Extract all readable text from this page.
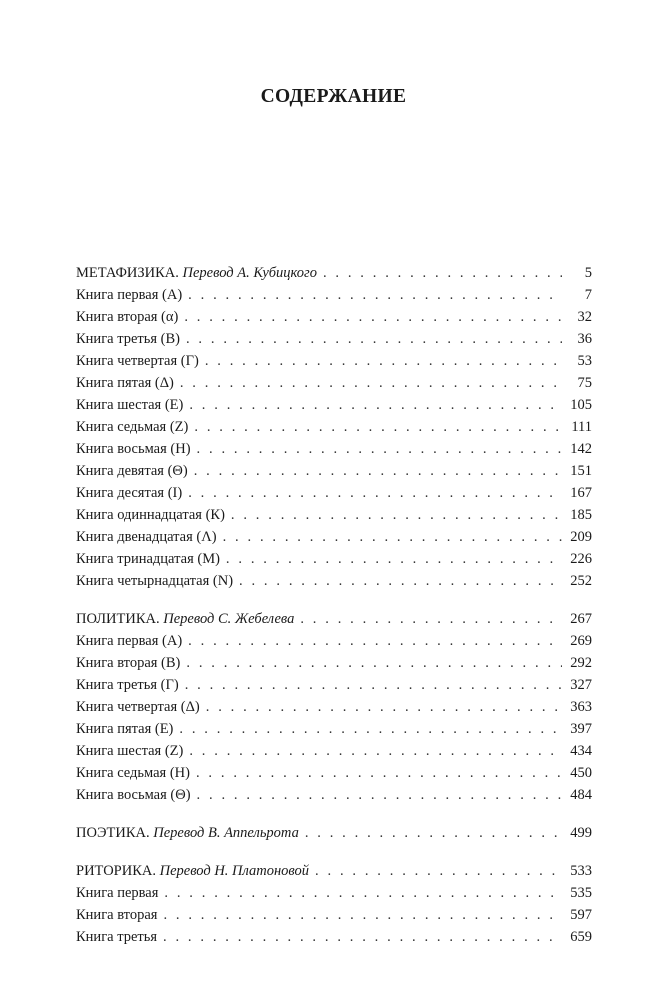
СОДЕРЖАНИЕ
МЕТАФИЗИКА. Перевод А. Кубицкого . . .	5
Книга первая (А) . . .	7
Книга вторая (α) . . .	32
Книга третья (В) . . .	36
Книга четвертая (Г) . . .	53
Книга пятая (Δ) . . .	75
Книга шестая (Е) . . .	105
Книга седьмая (Z) . . .	111
Книга восьмая (Н) . . .	142
Книга девятая (Θ) . . .	151
Книга десятая (I) . . .	167
Книга одиннадцатая (К) . . .	185
Книга двенадцатая (Λ) . . .	209
Книга тринадцатая (М) . . .	226
Книга четырнадцатая (N) . . .	252
ПОЛИТИКА. Перевод С. Жебелева . . .	267
Книга первая (А) . . .	269
Книга вторая (В) . . .	292
Книга третья (Г) . . .	327
Книга четвертая (Δ) . . .	363
Книга пятая (Е) . . .	397
Книга шестая (Z) . . .	434
Книга седьмая (Н) . . .	450
Книга восьмая (Θ) . . .	484
ПОЭТИКА. Перевод В. Аппельрота . . .	499
РИТОРИКА. Перевод Н. Платоновой . . .	533
Книга первая . . .	535
Книга вторая . . .	597
Книга третья . . .	659
